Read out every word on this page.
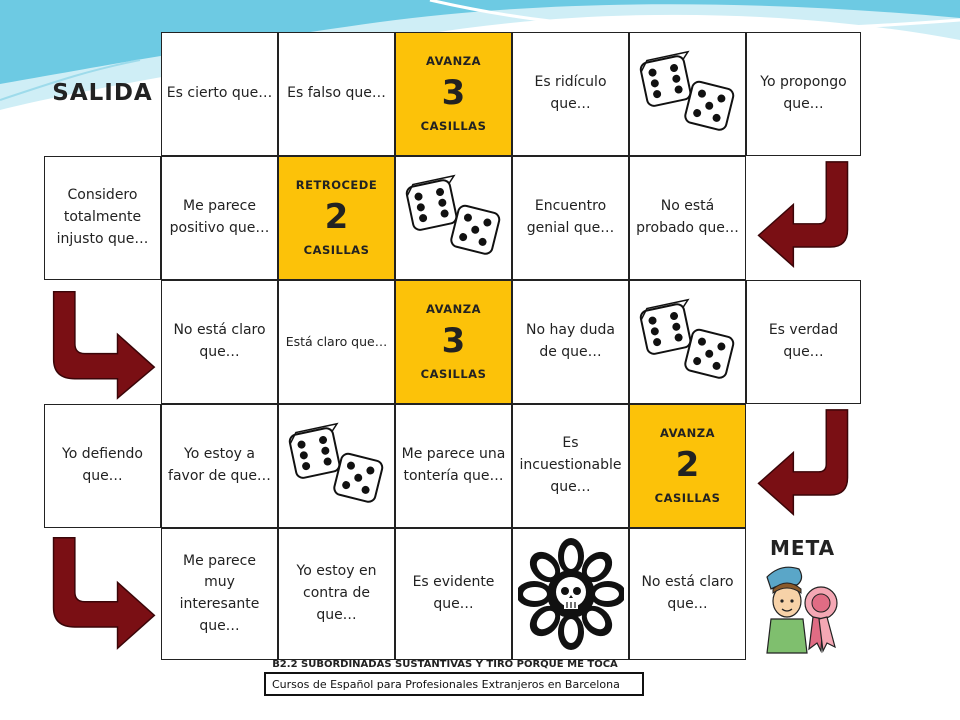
SALIDA Es cierto que… Es falso que…
AVANZA
3
CASILLAS
Es ridículo que…
Yo propongo que…
Considero totalmente injusto que…
Me parece positivo que…
RETROCEDE
2
CASILLAS
Encuentro genial que…
No está probado que…
No está claro que…
Está claro que…
AVANZA
3
CASILLAS
No hay duda de que…
Es verdad que…
Yo defiendo que…
Yo estoy a favor de que…
Me parece una tontería que…
Es incuestionable que…
AVANZA
2
CASILLAS
Me parece muy interesante que…
Yo estoy en contra de que…
Es evidente que…
No está claro que…
META
B2.2 SUBORDINADAS SUSTANTIVAS Y TIRO PORQUE ME TOCA
Cursos de Español para Profesionales Extranjeros en Barcelona
